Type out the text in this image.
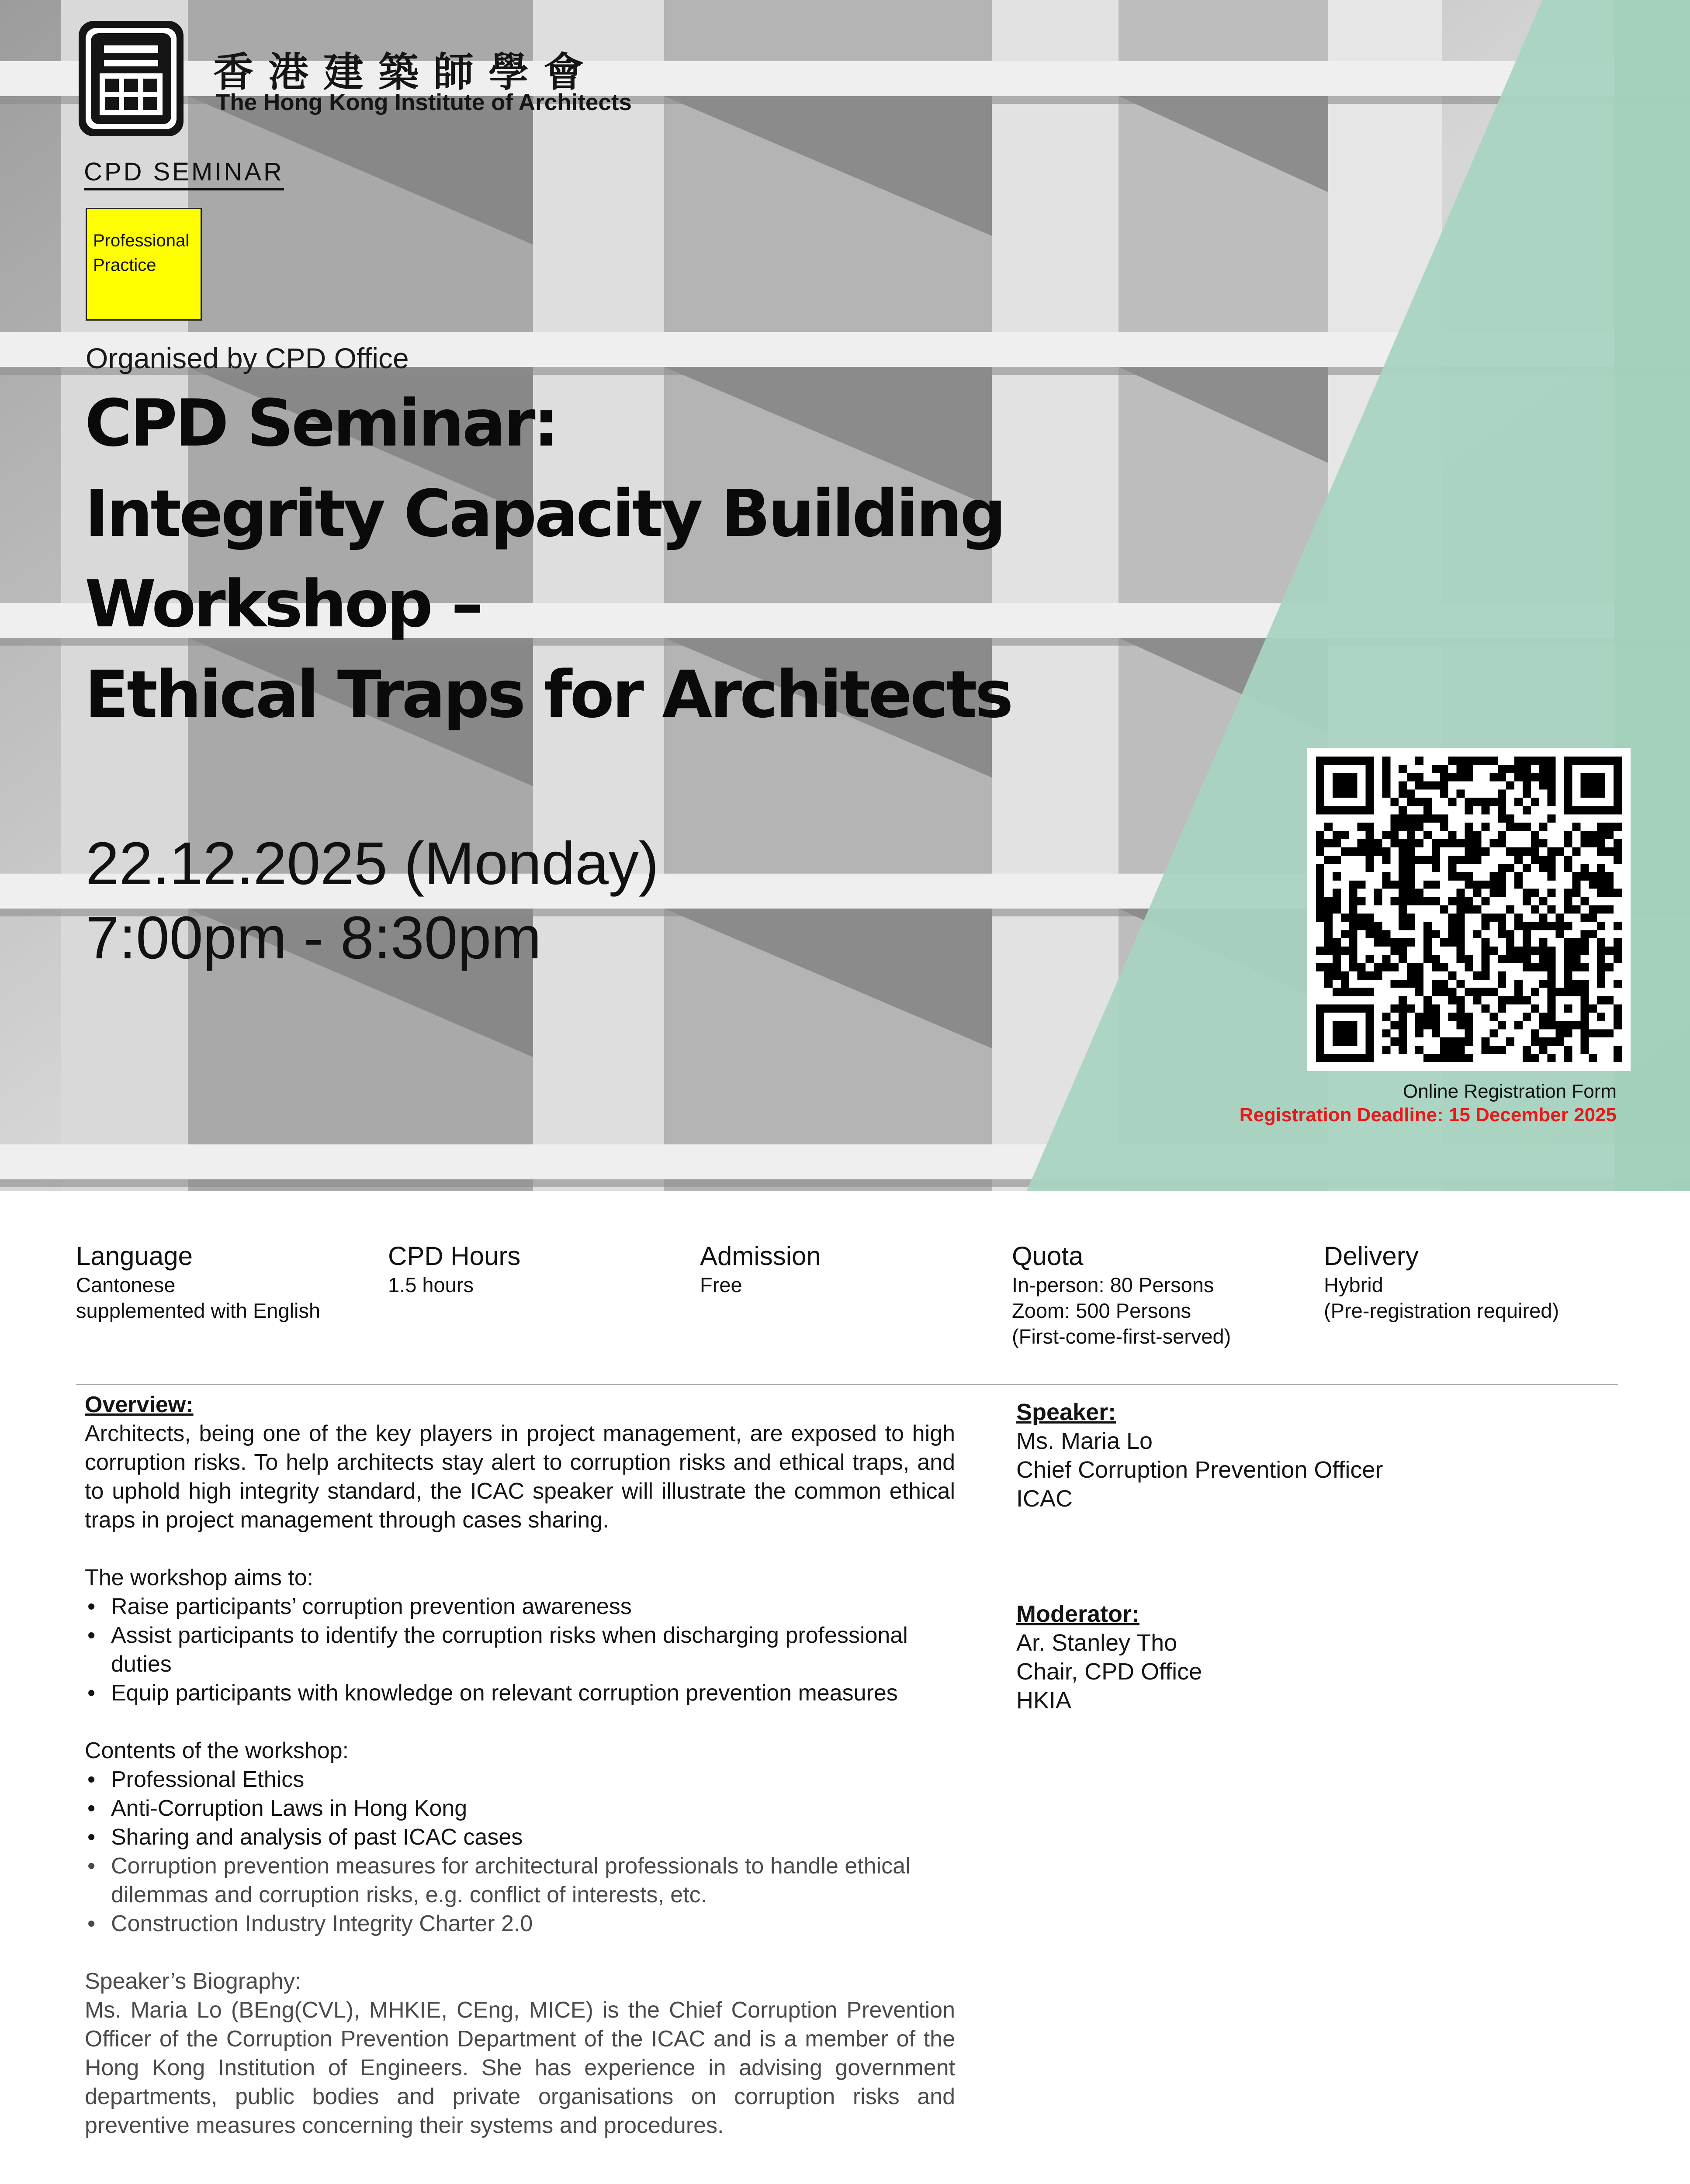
香港建築師學會
The Hong Kong Institute of Architects
CPD SEMINAR
Professional
Practice
Organised by CPD Office
CPD Seminar:
Integrity Capacity Building
Workshop –
Ethical Traps for Architects
22.12.2025 (Monday)
7:00pm - 8:30pm
Online Registration Form
Registration Deadline: 15 December 2025
Language
Cantonese
supplemented with English
CPD Hours
1.5 hours
Admission
Free
Quota
In-person: 80 Persons
Zoom: 500 Persons
(First-come-first-served)
Delivery
Hybrid
(Pre-registration required)

Overview:

Architects, being one of the key players in project management, are exposed to high corruption risks. To help architects stay alert to corruption risks and ethical traps, and to uphold high integrity standard, the ICAC speaker will illustrate the common ethical traps in project management through cases sharing.

The workshop aims to:

• Raise participants’ corruption prevention awareness
• Assist participants to identify the corruption risks when discharging professional duties
• Equip participants with knowledge on relevant corruption prevention measures

Contents of the workshop:

• Professional Ethics
• Anti-Corruption Laws in Hong Kong
• Sharing and analysis of past ICAC cases
• Corruption prevention measures for architectural professionals to handle ethical dilemmas and corruption risks, e.g. conflict of interests, etc.
• Construction Industry Integrity Charter 2.0

Speaker’s Biography:

Ms. Maria Lo (BEng(CVL), MHKIE, CEng, MICE) is the Chief Corruption Prevention Officer of the Corruption Prevention Department of the ICAC and is a member of the Hong Kong Institution of Engineers. She has experience in advising government departments, public bodies and private organisations on corruption risks and preventive measures concerning their systems and procedures.

Speaker:

Ms. Maria Lo

Chief Corruption Prevention Officer

ICAC

Moderator:

Ar. Stanley Tho

Chair, CPD Office

HKIA
